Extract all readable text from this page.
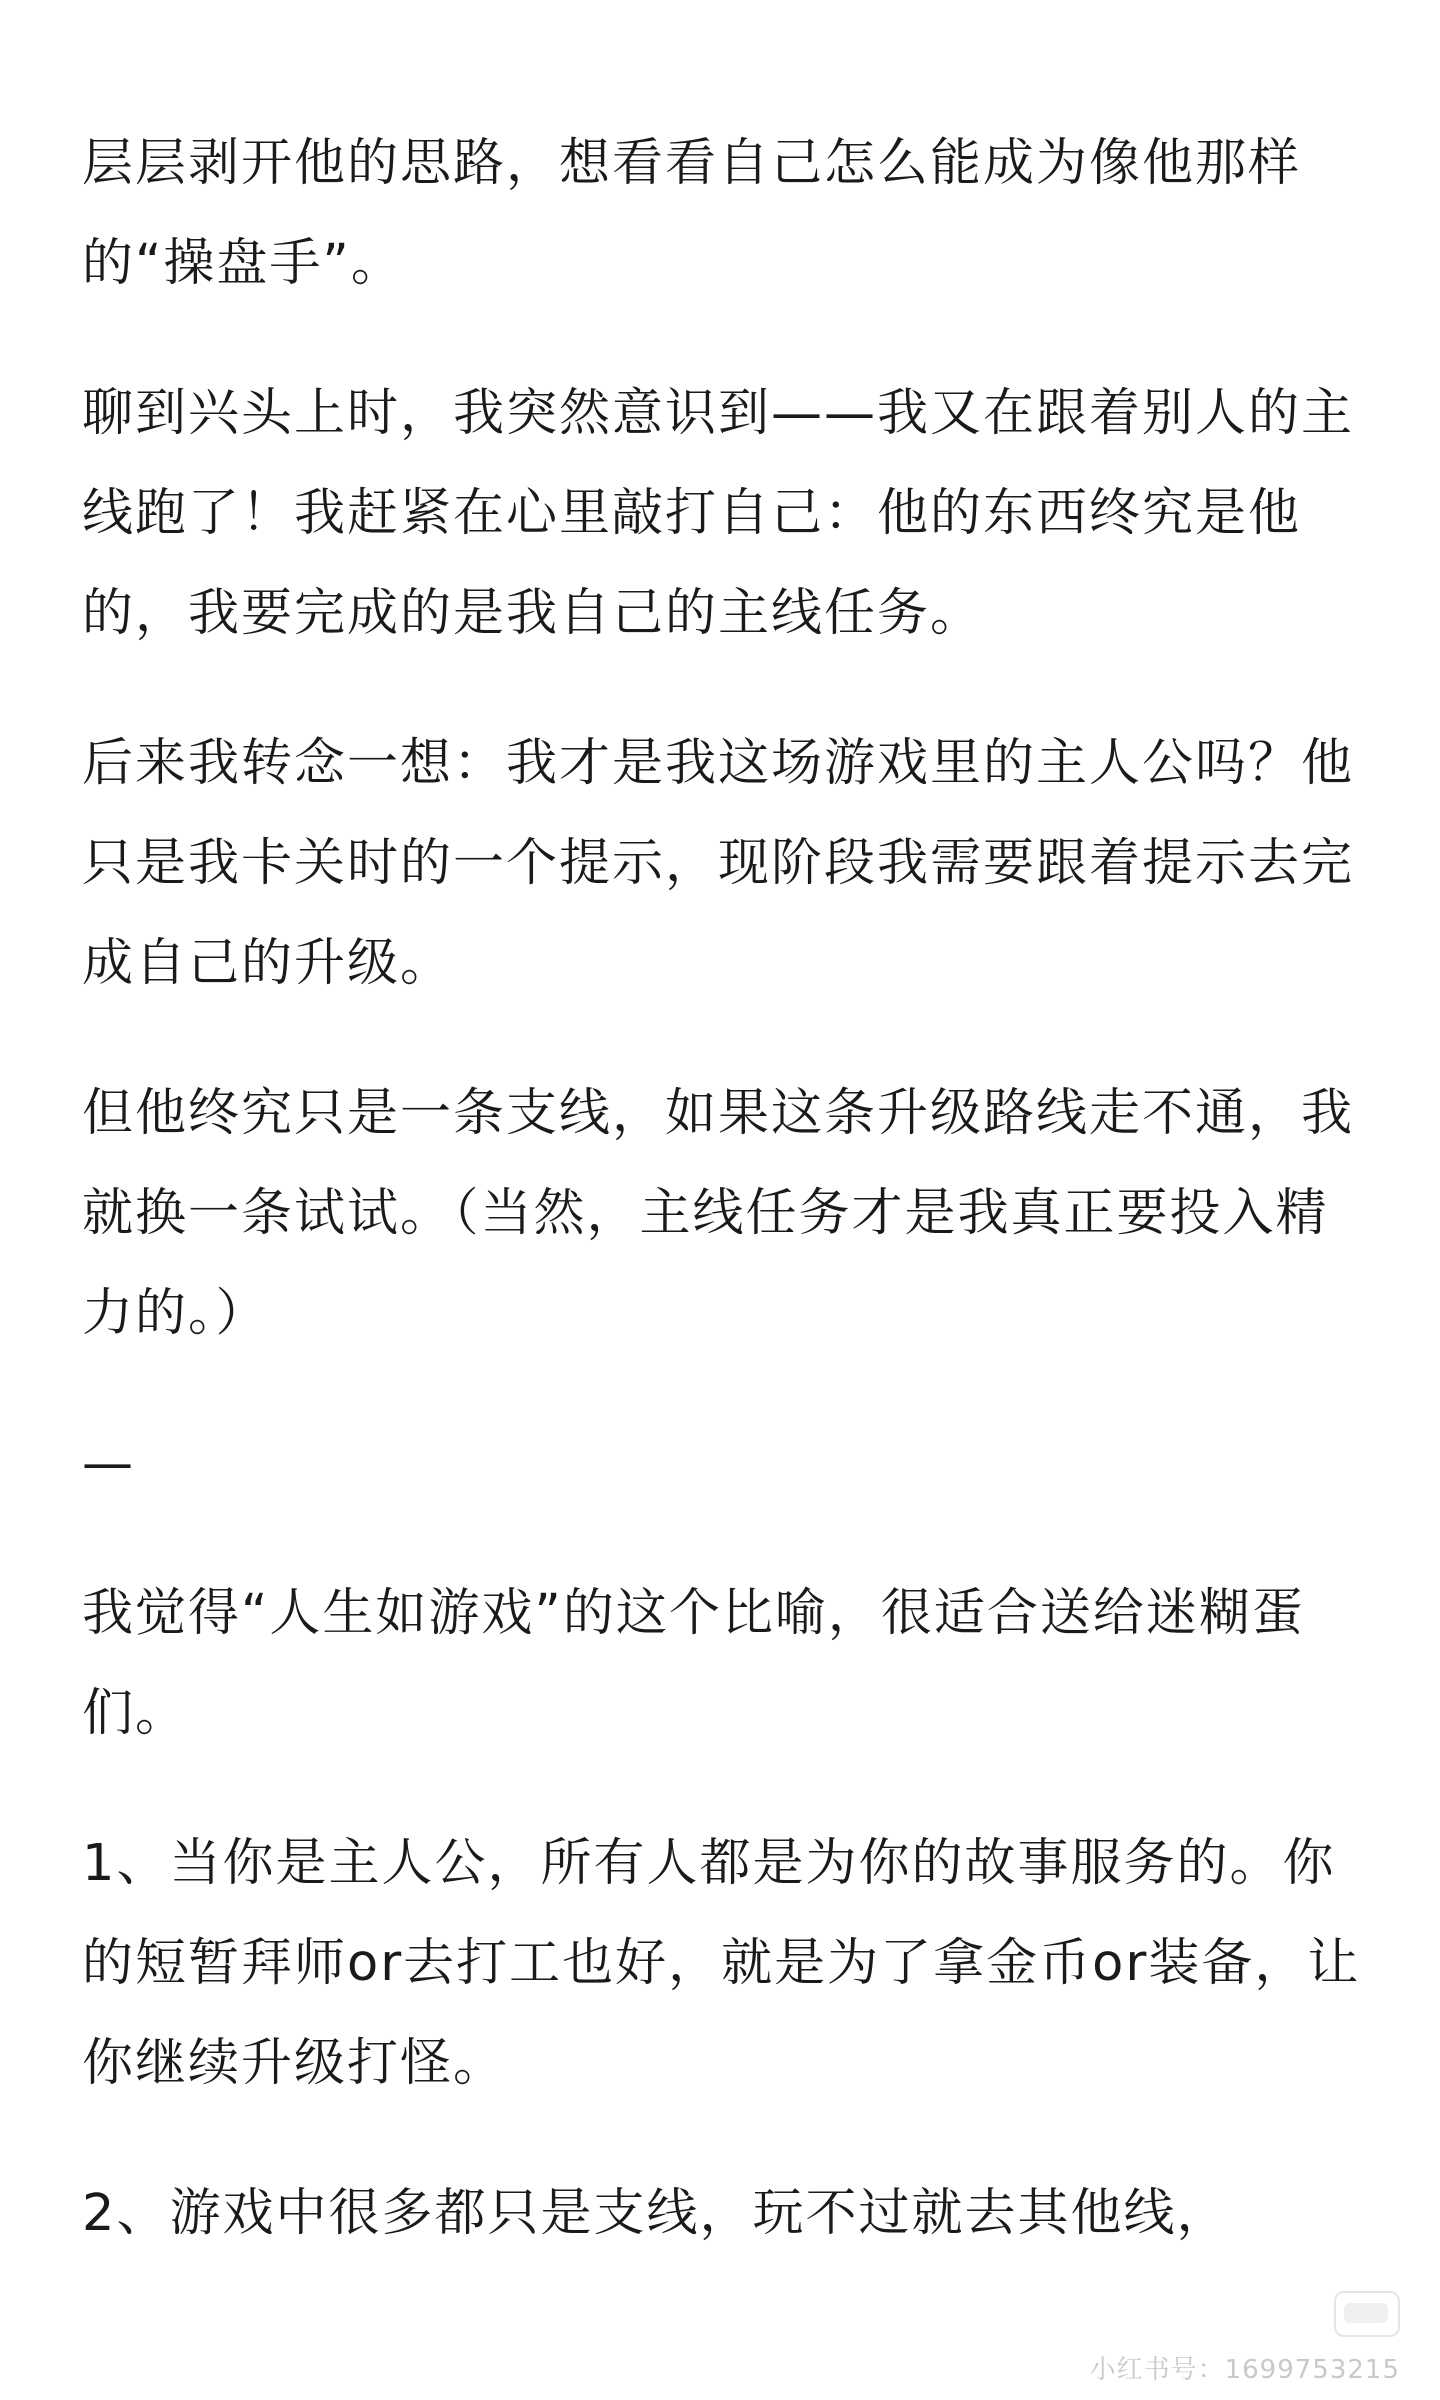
层层剥开他的思路，想看看自己怎么能成为像他那样的“操盘手”。

聊到兴头上时，我突然意识到——我又在跟着别人的主线跑了！我赶紧在心里敲打自己：他的东西终究是他的，我要完成的是我自己的主线任务。

后来我转念一想：我才是我这场游戏里的主人公吗？他只是我卡关时的一个提示，现阶段我需要跟着提示去完成自己的升级。

但他终究只是一条支线，如果这条升级路线走不通，我就换一条试试。（当然，主线任务才是我真正要投入精力的。）

—

我觉得“人生如游戏”的这个比喻，很适合送给迷糊蛋们。

1、当你是主人公，所有人都是为你的故事服务的。你的短暂拜师or去打工也好，就是为了拿金币or装备，让你继续升级打怪。

2、游戏中很多都只是支线，玩不过就去其他线，

小红书号：1699753215
